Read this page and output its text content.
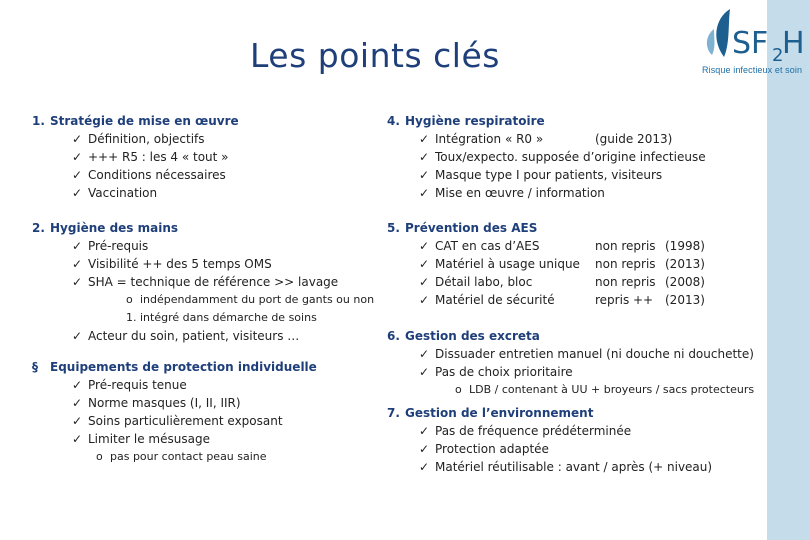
Les points clés	SF 2
H
Risque infectieux et soin
1. Stratégie de mise en œuvre
✓ Définition, objectifs
✓ +++ R5 : les 4 « tout »
✓ Conditions nécessaires
✓ Vaccination
2. Hygiène des mains
✓ Pré-requis
✓ Visibilité ++ des 5 temps OMS
✓ SHA = technique de référence >> lavage
o indépendamment du port de gants ou non
1. intégré dans démarche de soins
✓ Acteur du soin, patient, visiteurs …
§ Equipements de protection individuelle
✓ Pré-requis tenue
✓ Norme masques (I, II, IIR)
✓ Soins particulièrement exposant
✓ Limiter le mésusage
o pas pour contact peau saine
4. Hygiène respiratoire
✓ Intégration « R0 »	(guide 2013)
✓ Toux/expecto. supposée d’origine infectieuse
✓ Masque type I pour patients, visiteurs
✓ Mise en œuvre / information
5. Prévention des AES
✓ CAT en cas d’AES	non repris (1998)
✓ Matériel à usage unique non repris (2013)
✓ Détail labo, bloc	non repris (2008)
✓ Matériel de sécurité	repris ++ (2013)
6. Gestion des excreta
✓ Dissuader entretien manuel (ni douche ni douchette)
✓ Pas de choix prioritaire
o LDB / contenant à UU + broyeurs / sacs protecteurs
7. Gestion de l’environnement
✓ Pas de fréquence prédéterminée
✓ Protection adaptée
✓ Matériel réutilisable : avant / après (+ niveau)
